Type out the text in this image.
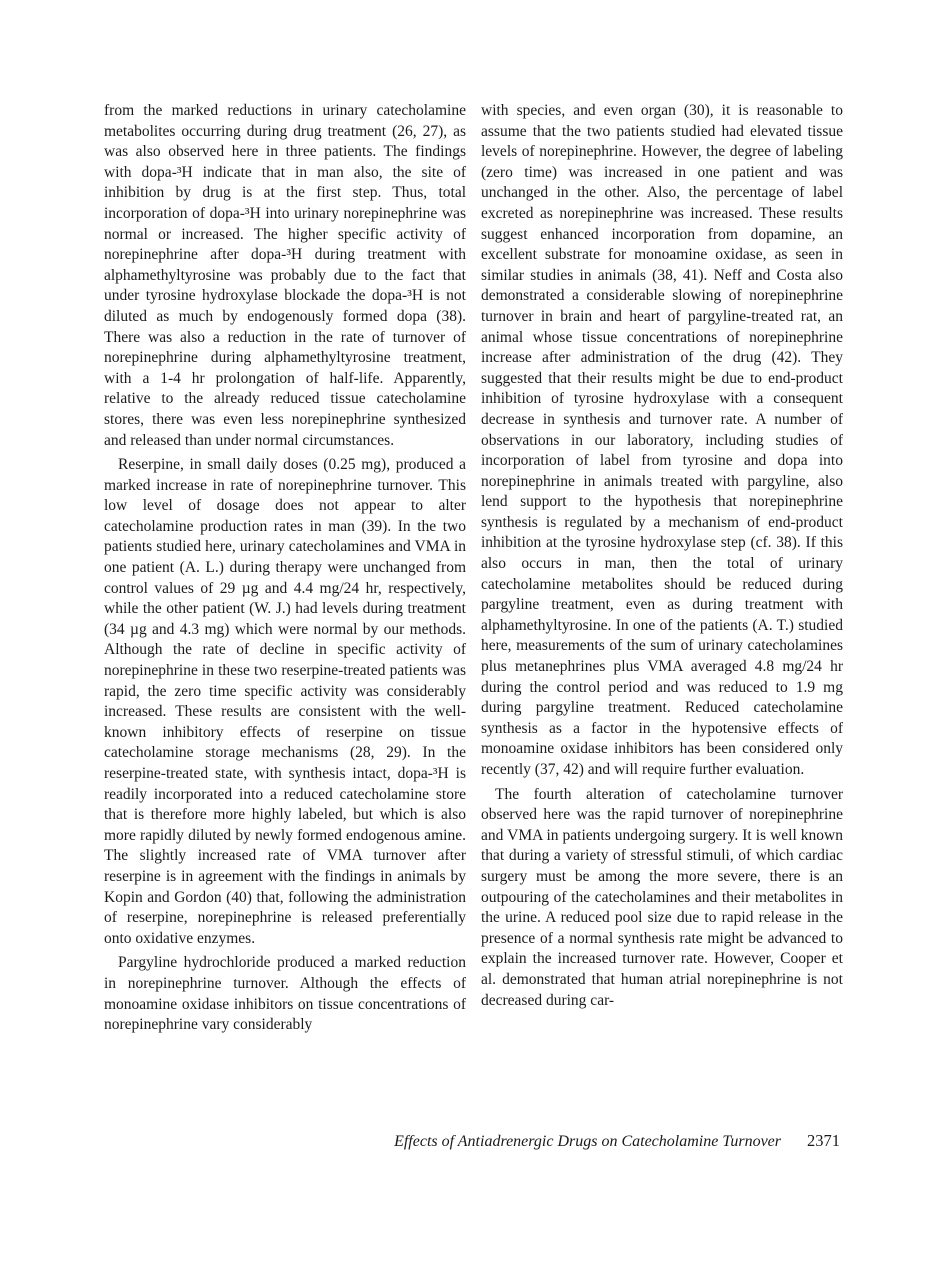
from the marked reductions in urinary catecholamine metabolites occurring during drug treatment (26, 27), as was also observed here in three patients. The findings with dopa-³H indicate that in man also, the site of inhibition by drug is at the first step. Thus, total incorporation of dopa-³H into urinary norepinephrine was normal or increased. The higher specific activity of norepinephrine after dopa-³H during treatment with alphamethyltyrosine was probably due to the fact that under tyrosine hydroxylase blockade the dopa-³H is not diluted as much by endogenously formed dopa (38). There was also a reduction in the rate of turnover of norepinephrine during alphamethyltyrosine treatment, with a 1-4 hr prolongation of half-life. Apparently, relative to the already reduced tissue catecholamine stores, there was even less norepinephrine synthesized and released than under normal circumstances.

Reserpine, in small daily doses (0.25 mg), produced a marked increase in rate of norepinephrine turnover. This low level of dosage does not appear to alter catecholamine production rates in man (39). In the two patients studied here, urinary catecholamines and VMA in one patient (A. L.) during therapy were unchanged from control values of 29 µg and 4.4 mg/24 hr, respectively, while the other patient (W. J.) had levels during treatment (34 µg and 4.3 mg) which were normal by our methods. Although the rate of decline in specific activity of norepinephrine in these two reserpine-treated patients was rapid, the zero time specific activity was considerably increased. These results are consistent with the well-known inhibitory effects of reserpine on tissue catecholamine storage mechanisms (28, 29). In the reserpine-treated state, with synthesis intact, dopa-³H is readily incorporated into a reduced catecholamine store that is therefore more highly labeled, but which is also more rapidly diluted by newly formed endogenous amine. The slightly increased rate of VMA turnover after reserpine is in agreement with the findings in animals by Kopin and Gordon (40) that, following the administration of reserpine, norepinephrine is released preferentially onto oxidative enzymes.

Pargyline hydrochloride produced a marked reduction in norepinephrine turnover. Although the effects of monoamine oxidase inhibitors on tissue concentrations of norepinephrine vary considerably

with species, and even organ (30), it is reasonable to assume that the two patients studied had elevated tissue levels of norepinephrine. However, the degree of labeling (zero time) was increased in one patient and was unchanged in the other. Also, the percentage of label excreted as norepinephrine was increased. These results suggest enhanced incorporation from dopamine, an excellent substrate for monoamine oxidase, as seen in similar studies in animals (38, 41). Neff and Costa also demonstrated a considerable slowing of norepinephrine turnover in brain and heart of pargyline-treated rat, an animal whose tissue concentrations of norepinephrine increase after administration of the drug (42). They suggested that their results might be due to end-product inhibition of tyrosine hydroxylase with a consequent decrease in synthesis and turnover rate. A number of observations in our laboratory, including studies of incorporation of label from tyrosine and dopa into norepinephrine in animals treated with pargyline, also lend support to the hypothesis that norepinephrine synthesis is regulated by a mechanism of end-product inhibition at the tyrosine hydroxylase step (cf. 38). If this also occurs in man, then the total of urinary catecholamine metabolites should be reduced during pargyline treatment, even as during treatment with alphamethyltyrosine. In one of the patients (A. T.) studied here, measurements of the sum of urinary catecholamines plus metanephrines plus VMA averaged 4.8 mg/24 hr during the control period and was reduced to 1.9 mg during pargyline treatment. Reduced catecholamine synthesis as a factor in the hypotensive effects of monoamine oxidase inhibitors has been considered only recently (37, 42) and will require further evaluation.

The fourth alteration of catecholamine turnover observed here was the rapid turnover of norepinephrine and VMA in patients undergoing surgery. It is well known that during a variety of stressful stimuli, of which cardiac surgery must be among the more severe, there is an outpouring of the catecholamines and their metabolites in the urine. A reduced pool size due to rapid release in the presence of a normal synthesis rate might be advanced to explain the increased turnover rate. However, Cooper et al. demonstrated that human atrial norepinephrine is not decreased during car-

Effects of Antiadrenergic Drugs on Catecholamine Turnover 2371
